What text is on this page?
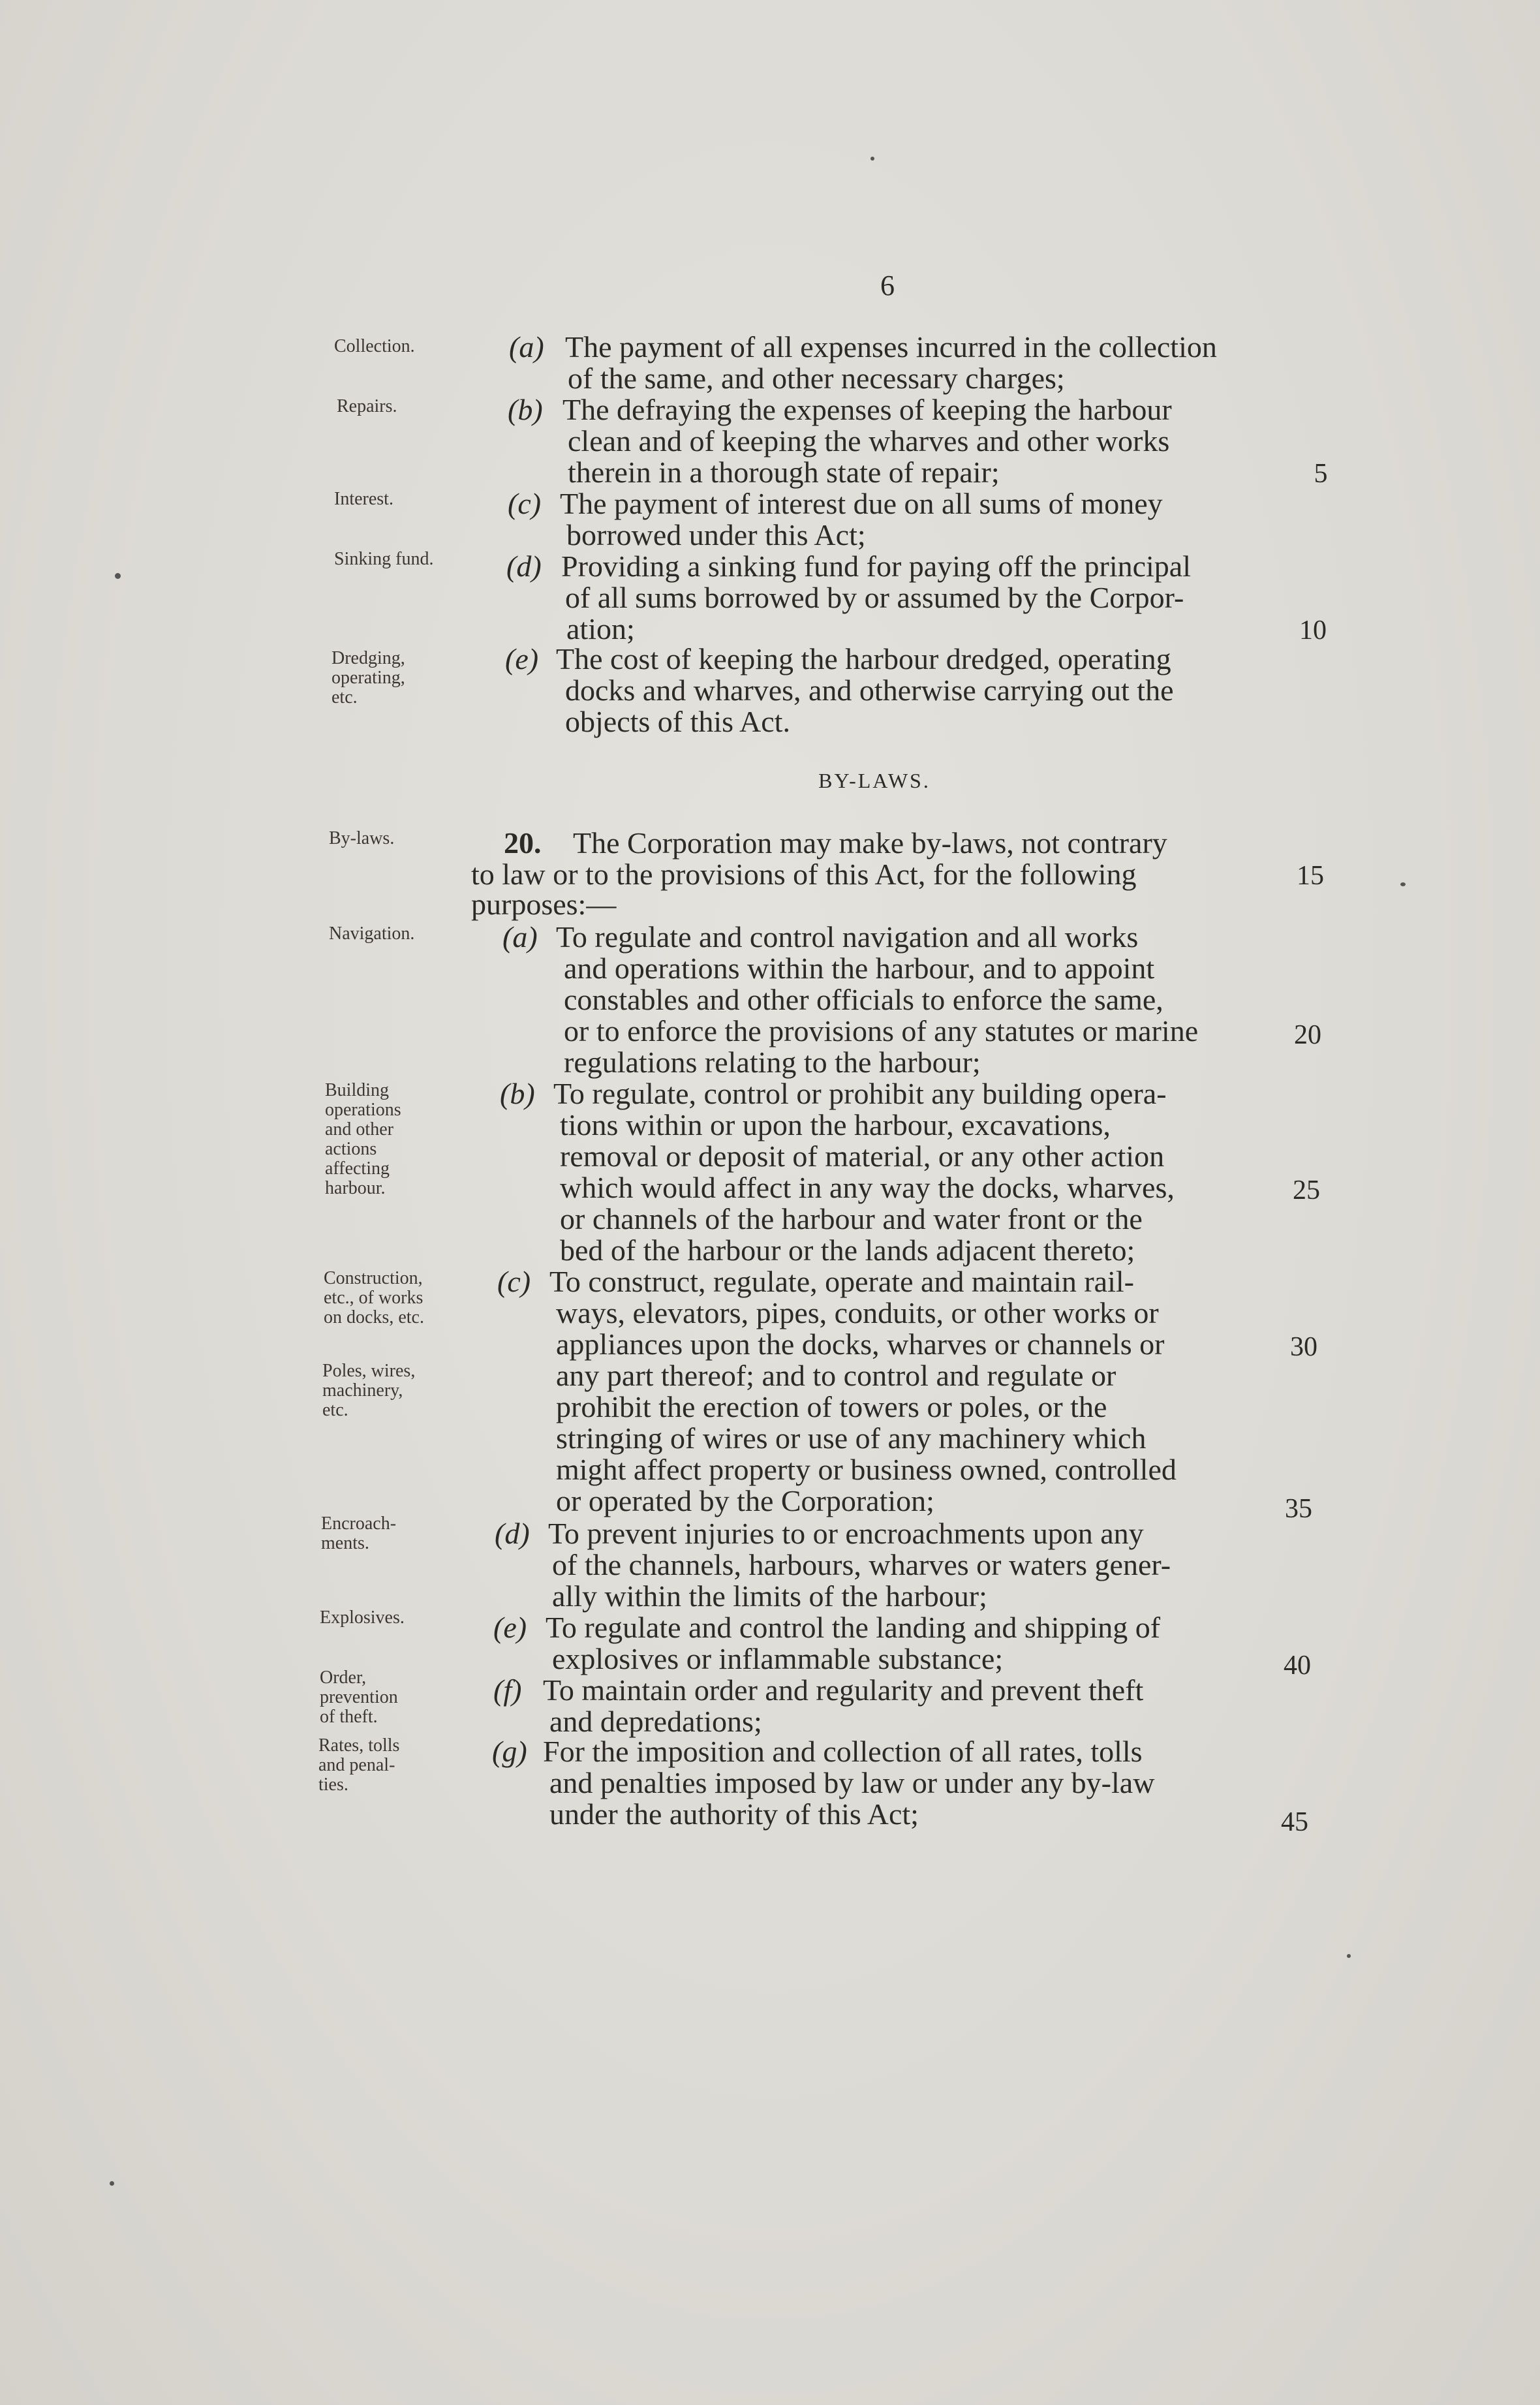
6
Collection.
Repairs.
Interest.
Sinking fund.
Dredging,
operating,
etc.
By-laws.
Navigation.
Building
operations
and other
actions
affecting
harbour.
Construction,
etc., of works
on docks, etc.
Poles, wires,
machinery,
etc.
Encroach-
ments.
Explosives.
Order,
prevention
of theft.
Rates, tolls
and penal-
ties.
(a) The payment of all expenses incurred in the collection
of the same, and other necessary charges;
(b) The defraying the expenses of keeping the harbour
clean and of keeping the wharves and other works
therein in a thorough state of repair;	5
(c) The payment of interest due on all sums of money
borrowed under this Act;
(d) Providing a sinking fund for paying off the principal
of all sums borrowed by or assumed by the Corpor-
ation;	10
(e) The cost of keeping the harbour dredged, operating
docks and wharves, and otherwise carrying out the
objects of this Act.
BY-LAWS.
20. The Corporation may make by-laws, not contrary
to law or to the provisions of this Act, for the following	15
purposes:—
(a) To regulate and control navigation and all works
and operations within the harbour, and to appoint
constables and other officials to enforce the same,
or to enforce the provisions of any statutes or marine	20
regulations relating to the harbour;
(b) To regulate, control or prohibit any building opera-
tions within or upon the harbour, excavations,
removal or deposit of material, or any other action
which would affect in any way the docks, wharves,	25
or channels of the harbour and water front or the
bed of the harbour or the lands adjacent thereto;
(c) To construct, regulate, operate and maintain rail-
ways, elevators, pipes, conduits, or other works or
appliances upon the docks, wharves or channels or	30
any part thereof; and to control and regulate or
prohibit the erection of towers or poles, or the
stringing of wires or use of any machinery which
might affect property or business owned, controlled
or operated by the Corporation;	35
(d) To prevent injuries to or encroachments upon any
of the channels, harbours, wharves or waters gener-
ally within the limits of the harbour;
(e) To regulate and control the landing and shipping of
explosives or inflammable substance;	40
(f) To maintain order and regularity and prevent theft
and depredations;
(g) For the imposition and collection of all rates, tolls
and penalties imposed by law or under any by-law
under the authority of this Act;	45
